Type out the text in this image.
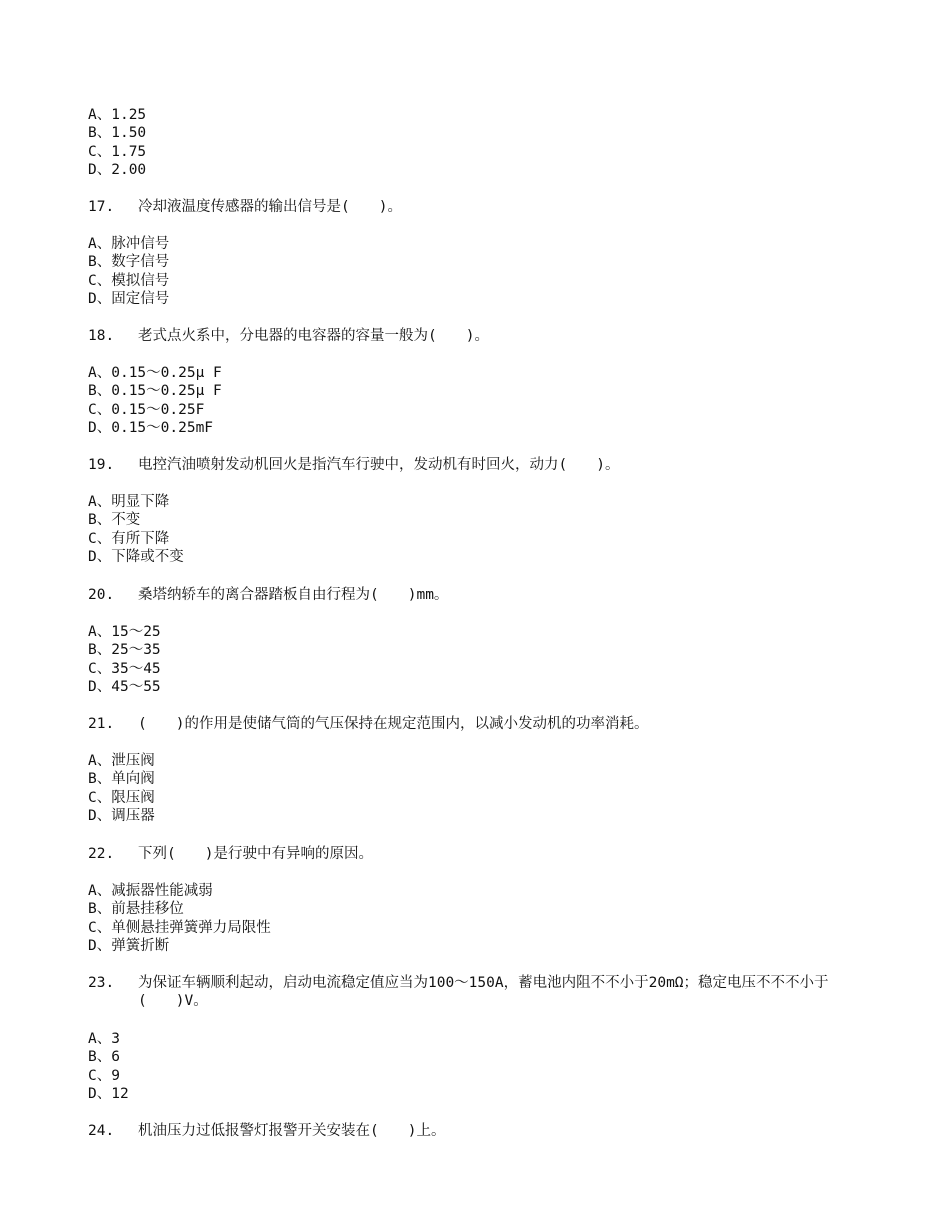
A、1.25
B、1.50
C、1.75
D、2.00
17. 冷却液温度传感器的输出信号是(　　)。
A、脉冲信号
B、数字信号
C、模拟信号
D、固定信号
18. 老式点火系中，分电器的电容器的容量一般为(　　)。
A、0.15～0.25μ F
B、0.15～0.25μ F
C、0.15～0.25F
D、0.15～0.25mF
19. 电控汽油喷射发动机回火是指汽车行驶中，发动机有时回火，动力(　　)。
A、明显下降
B、不变
C、有所下降
D、下降或不变
20. 桑塔纳轿车的离合器踏板自由行程为(　　)mm。
A、15～25
B、25～35
C、35～45
D、45～55
21. (　　)的作用是使储气筒的气压保持在规定范围内，以减小发动机的功率消耗。
A、泄压阀
B、单向阀
C、限压阀
D、调压器
22. 下列(　　)是行驶中有异响的原因。
A、减振器性能减弱
B、前悬挂移位
C、单侧悬挂弹簧弹力局限性
D、弹簧折断
23. 为保证车辆顺利起动，启动电流稳定值应当为100～150A，蓄电池内阻不不小于20mΩ；稳定电压不不不小于(　　)V。
A、3
B、6
C、9
D、12
24. 机油压力过低报警灯报警开关安装在(　　)上。
